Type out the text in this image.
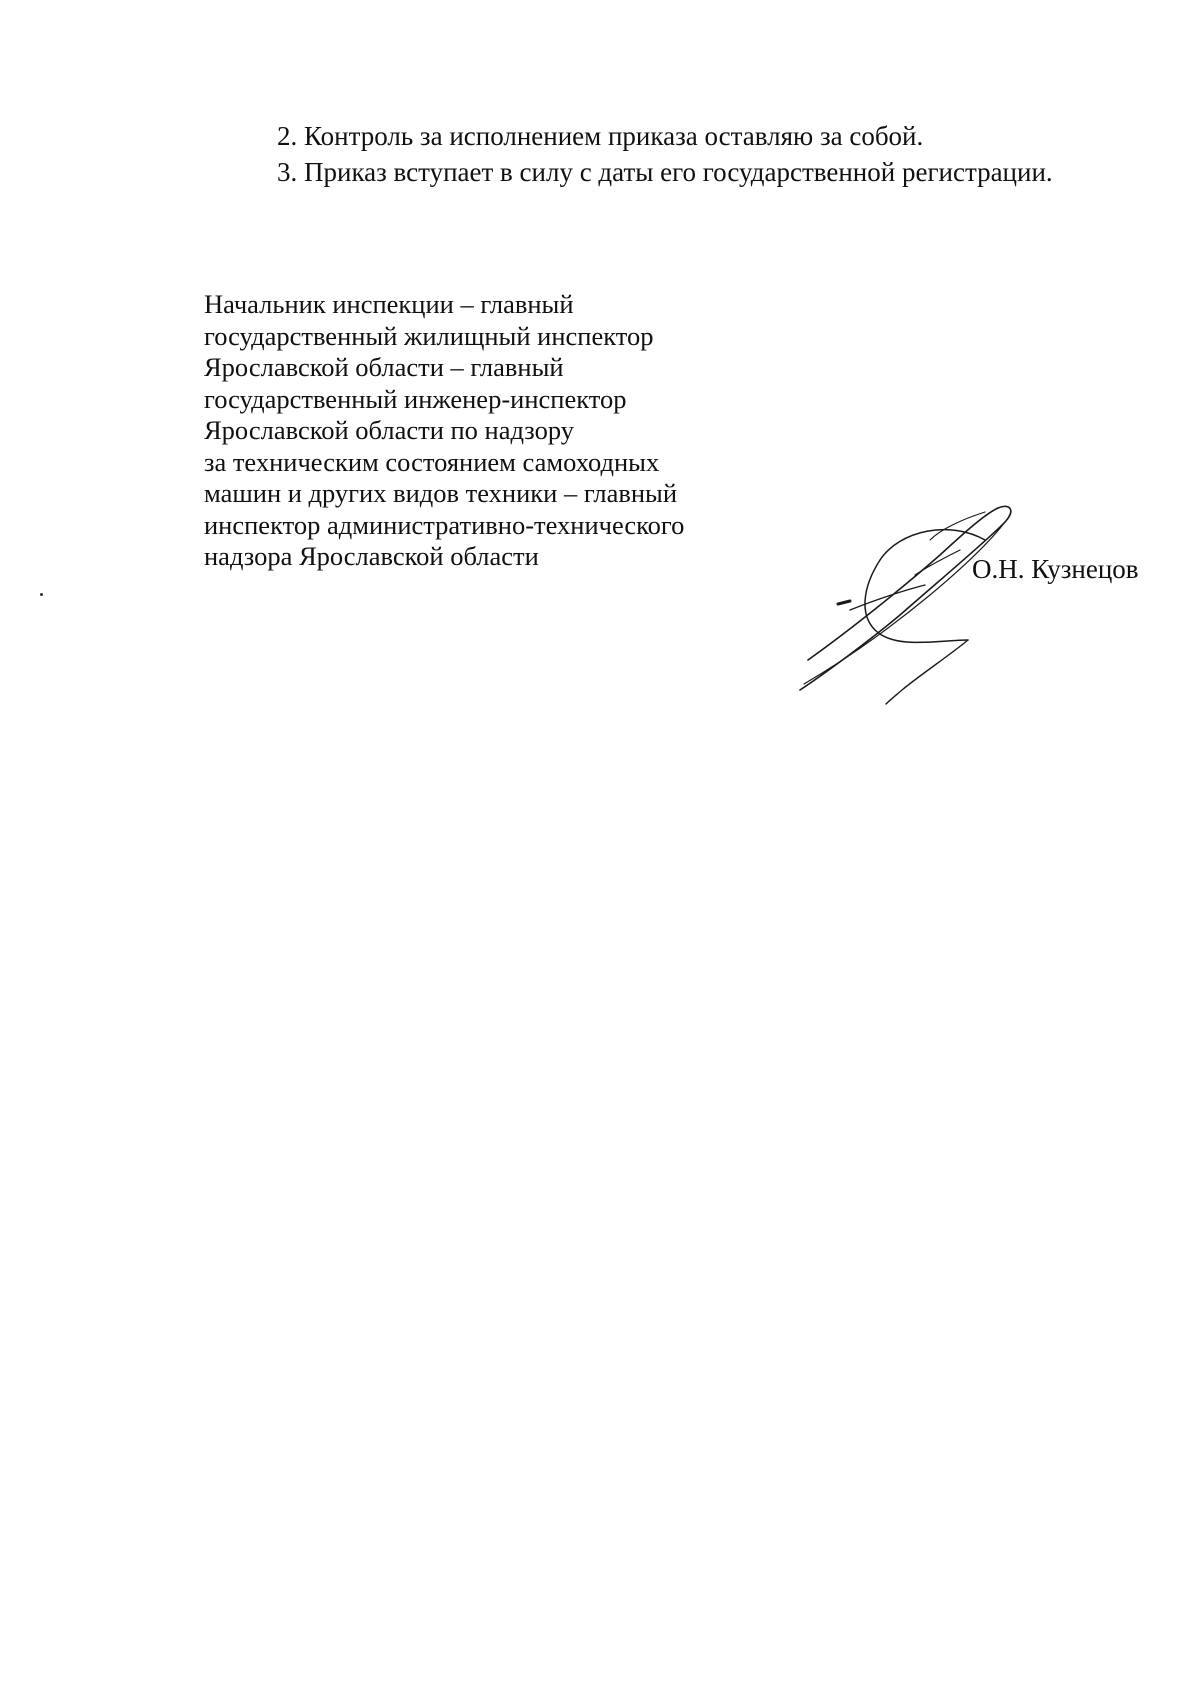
2. Контроль за исполнением приказа оставляю за собой.
3. Приказ вступает в силу с даты его государственной регистрации.
Начальник инспекции – главный
государственный жилищный инспектор
Ярославской области – главный
государственный инженер-инспектор
Ярославской области по надзору
за техническим состоянием самоходных
машин и других видов техники – главный
инспектор административно-технического
надзора Ярославской области	О.Н. Кузнецов
